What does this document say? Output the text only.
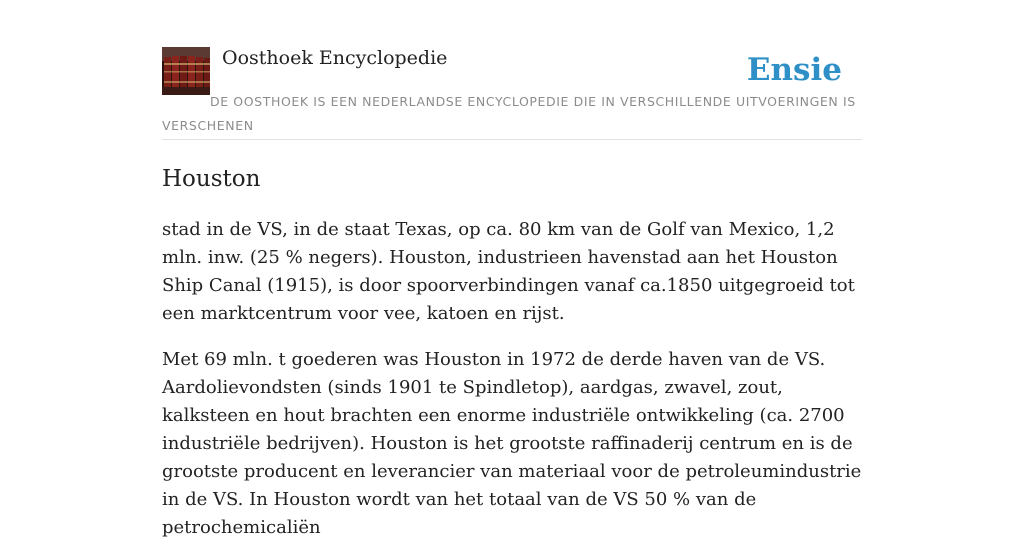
Oosthoek Encyclopedie	Ensie
DE OOSTHOEK IS EEN NEDERLANDSE ENCYCLOPEDIE DIE IN VERSCHILLENDE UITVOERINGEN IS VERSCHENEN
Houston

stad in de VS, in de staat Texas, op ca. 80 km van de Golf van Mexico, 1,2 mln. inw. (25 % negers). Houston, industrieen havenstad aan het Houston Ship Canal (1915), is door spoorverbindingen vanaf ca.1850 uitgegroeid tot een marktcentrum voor vee, katoen en rijst.

Met 69 mln. t goederen was Houston in 1972 de derde haven van de VS. Aardolievondsten (sinds 1901 te Spindletop), aardgas, zwavel, zout, kalksteen en hout brachten een enorme industriële ontwikkeling (ca. 2700 industriële bedrijven). Houston is het grootste raffinaderij centrum en is de grootste producent en leverancier van materiaal voor de petroleumindustrie in de VS. In Houston wordt van het totaal van de VS 50 % van de petrochemicaliën
